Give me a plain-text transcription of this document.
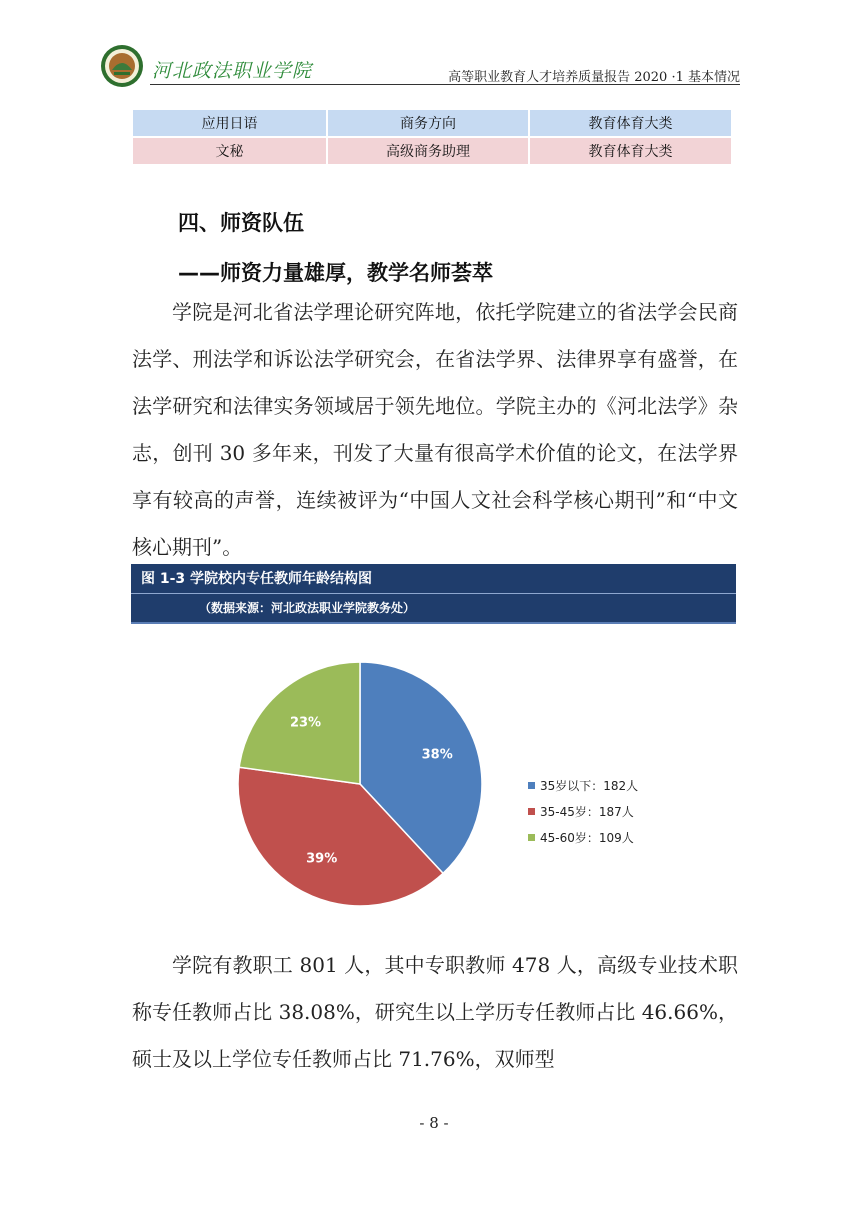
河北政法职业学院	高等职业教育人才培养质量报告 2020 ·1 基本情况
应用日语	商务方向	教育体育大类
文秘	高级商务助理	教育体育大类
四、师资队伍
——师资力量雄厚，教学名师荟萃

学院是河北省法学理论研究阵地，依托学院建立的省法学会民商法学、刑法学和诉讼法学研究会，在省法学界、法律界享有盛誉，在法学研究和法律实务领域居于领先地位。学院主办的《河北法学》杂志，创刊 30 多年来，刊发了大量有很高学术价值的论文，在法学界享有较高的声誉，连续被评为“中国人文社会科学核心期刊”和“中文核心期刊”。

图 1-3 学院校内专任教师年龄结构图
（数据来源：河北政法职业学院教务处）
38%
39%
23%
35岁以下：182人
35-45岁：187人
45-60岁：109人

学院有教职工 801 人，其中专职教师 478 人，高级专业技术职称专任教师占比 38.08%，研究生以上学历专任教师占比 46.66%，硕士及以上学位专任教师占比 71.76%，双师型

- 8 -
